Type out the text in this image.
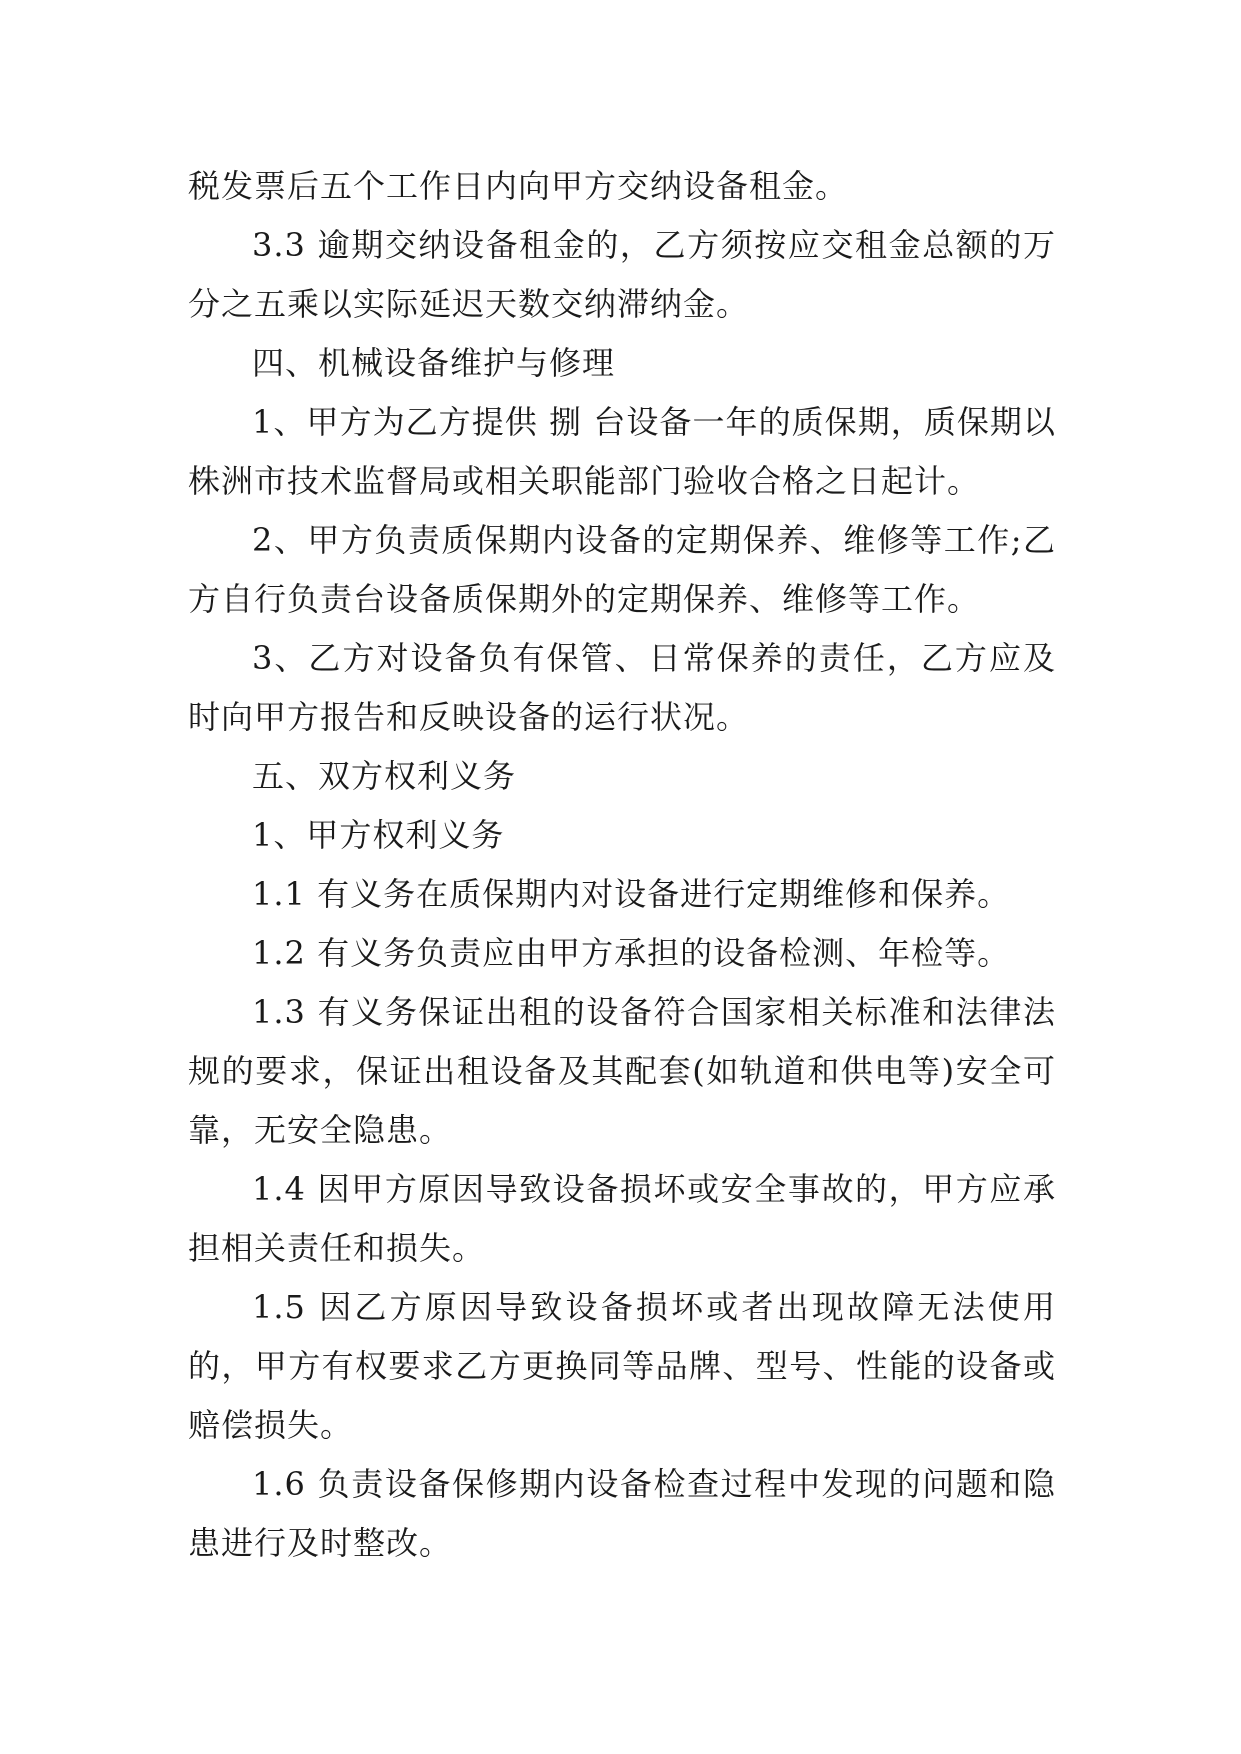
税发票后五个工作日内向甲方交纳设备租金。

3.3 逾期交纳设备租金的，乙方须按应交租金总额的万分之五乘以实际延迟天数交纳滞纳金。

四、机械设备维护与修理

1、甲方为乙方提供 捌 台设备一年的质保期，质保期以株洲市技术监督局或相关职能部门验收合格之日起计。

2、甲方负责质保期内设备的定期保养、维修等工作;乙方自行负责台设备质保期外的定期保养、维修等工作。

3、乙方对设备负有保管、日常保养的责任，乙方应及时向甲方报告和反映设备的运行状况。

五、双方权利义务

1、甲方权利义务

1.1 有义务在质保期内对设备进行定期维修和保养。

1.2 有义务负责应由甲方承担的设备检测、年检等。

1.3 有义务保证出租的设备符合国家相关标准和法律法规的要求，保证出租设备及其配套(如轨道和供电等)安全可靠，无安全隐患。

1.4 因甲方原因导致设备损坏或安全事故的，甲方应承担相关责任和损失。

1.5 因乙方原因导致设备损坏或者出现故障无法使用的，甲方有权要求乙方更换同等品牌、型号、性能的设备或赔偿损失。

1.6 负责设备保修期内设备检查过程中发现的问题和隐患进行及时整改。
